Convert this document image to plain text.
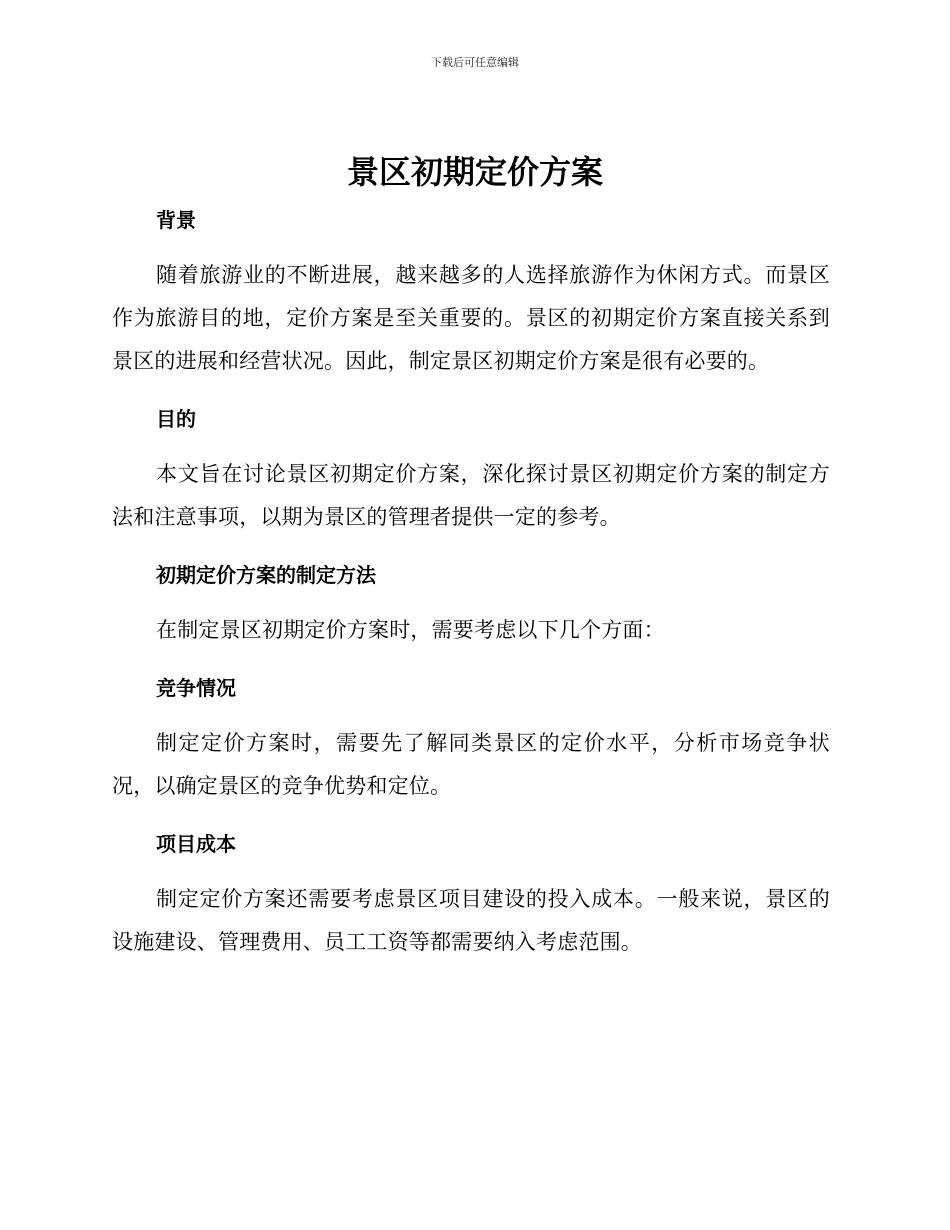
下载后可任意编辑
景区初期定价方案
背景

随着旅游业的不断进展，越来越多的人选择旅游作为休闲方式。而景区作为旅游目的地，定价方案是至关重要的。景区的初期定价方案直接关系到景区的进展和经营状况。因此，制定景区初期定价方案是很有必要的。

目的

本文旨在讨论景区初期定价方案，深化探讨景区初期定价方案的制定方法和注意事项，以期为景区的管理者提供一定的参考。

初期定价方案的制定方法

在制定景区初期定价方案时，需要考虑以下几个方面：

竞争情况

制定定价方案时，需要先了解同类景区的定价水平，分析市场竞争状况，以确定景区的竞争优势和定位。

项目成本

制定定价方案还需要考虑景区项目建设的投入成本。一般来说，景区的设施建设、管理费用、员工工资等都需要纳入考虑范围。
